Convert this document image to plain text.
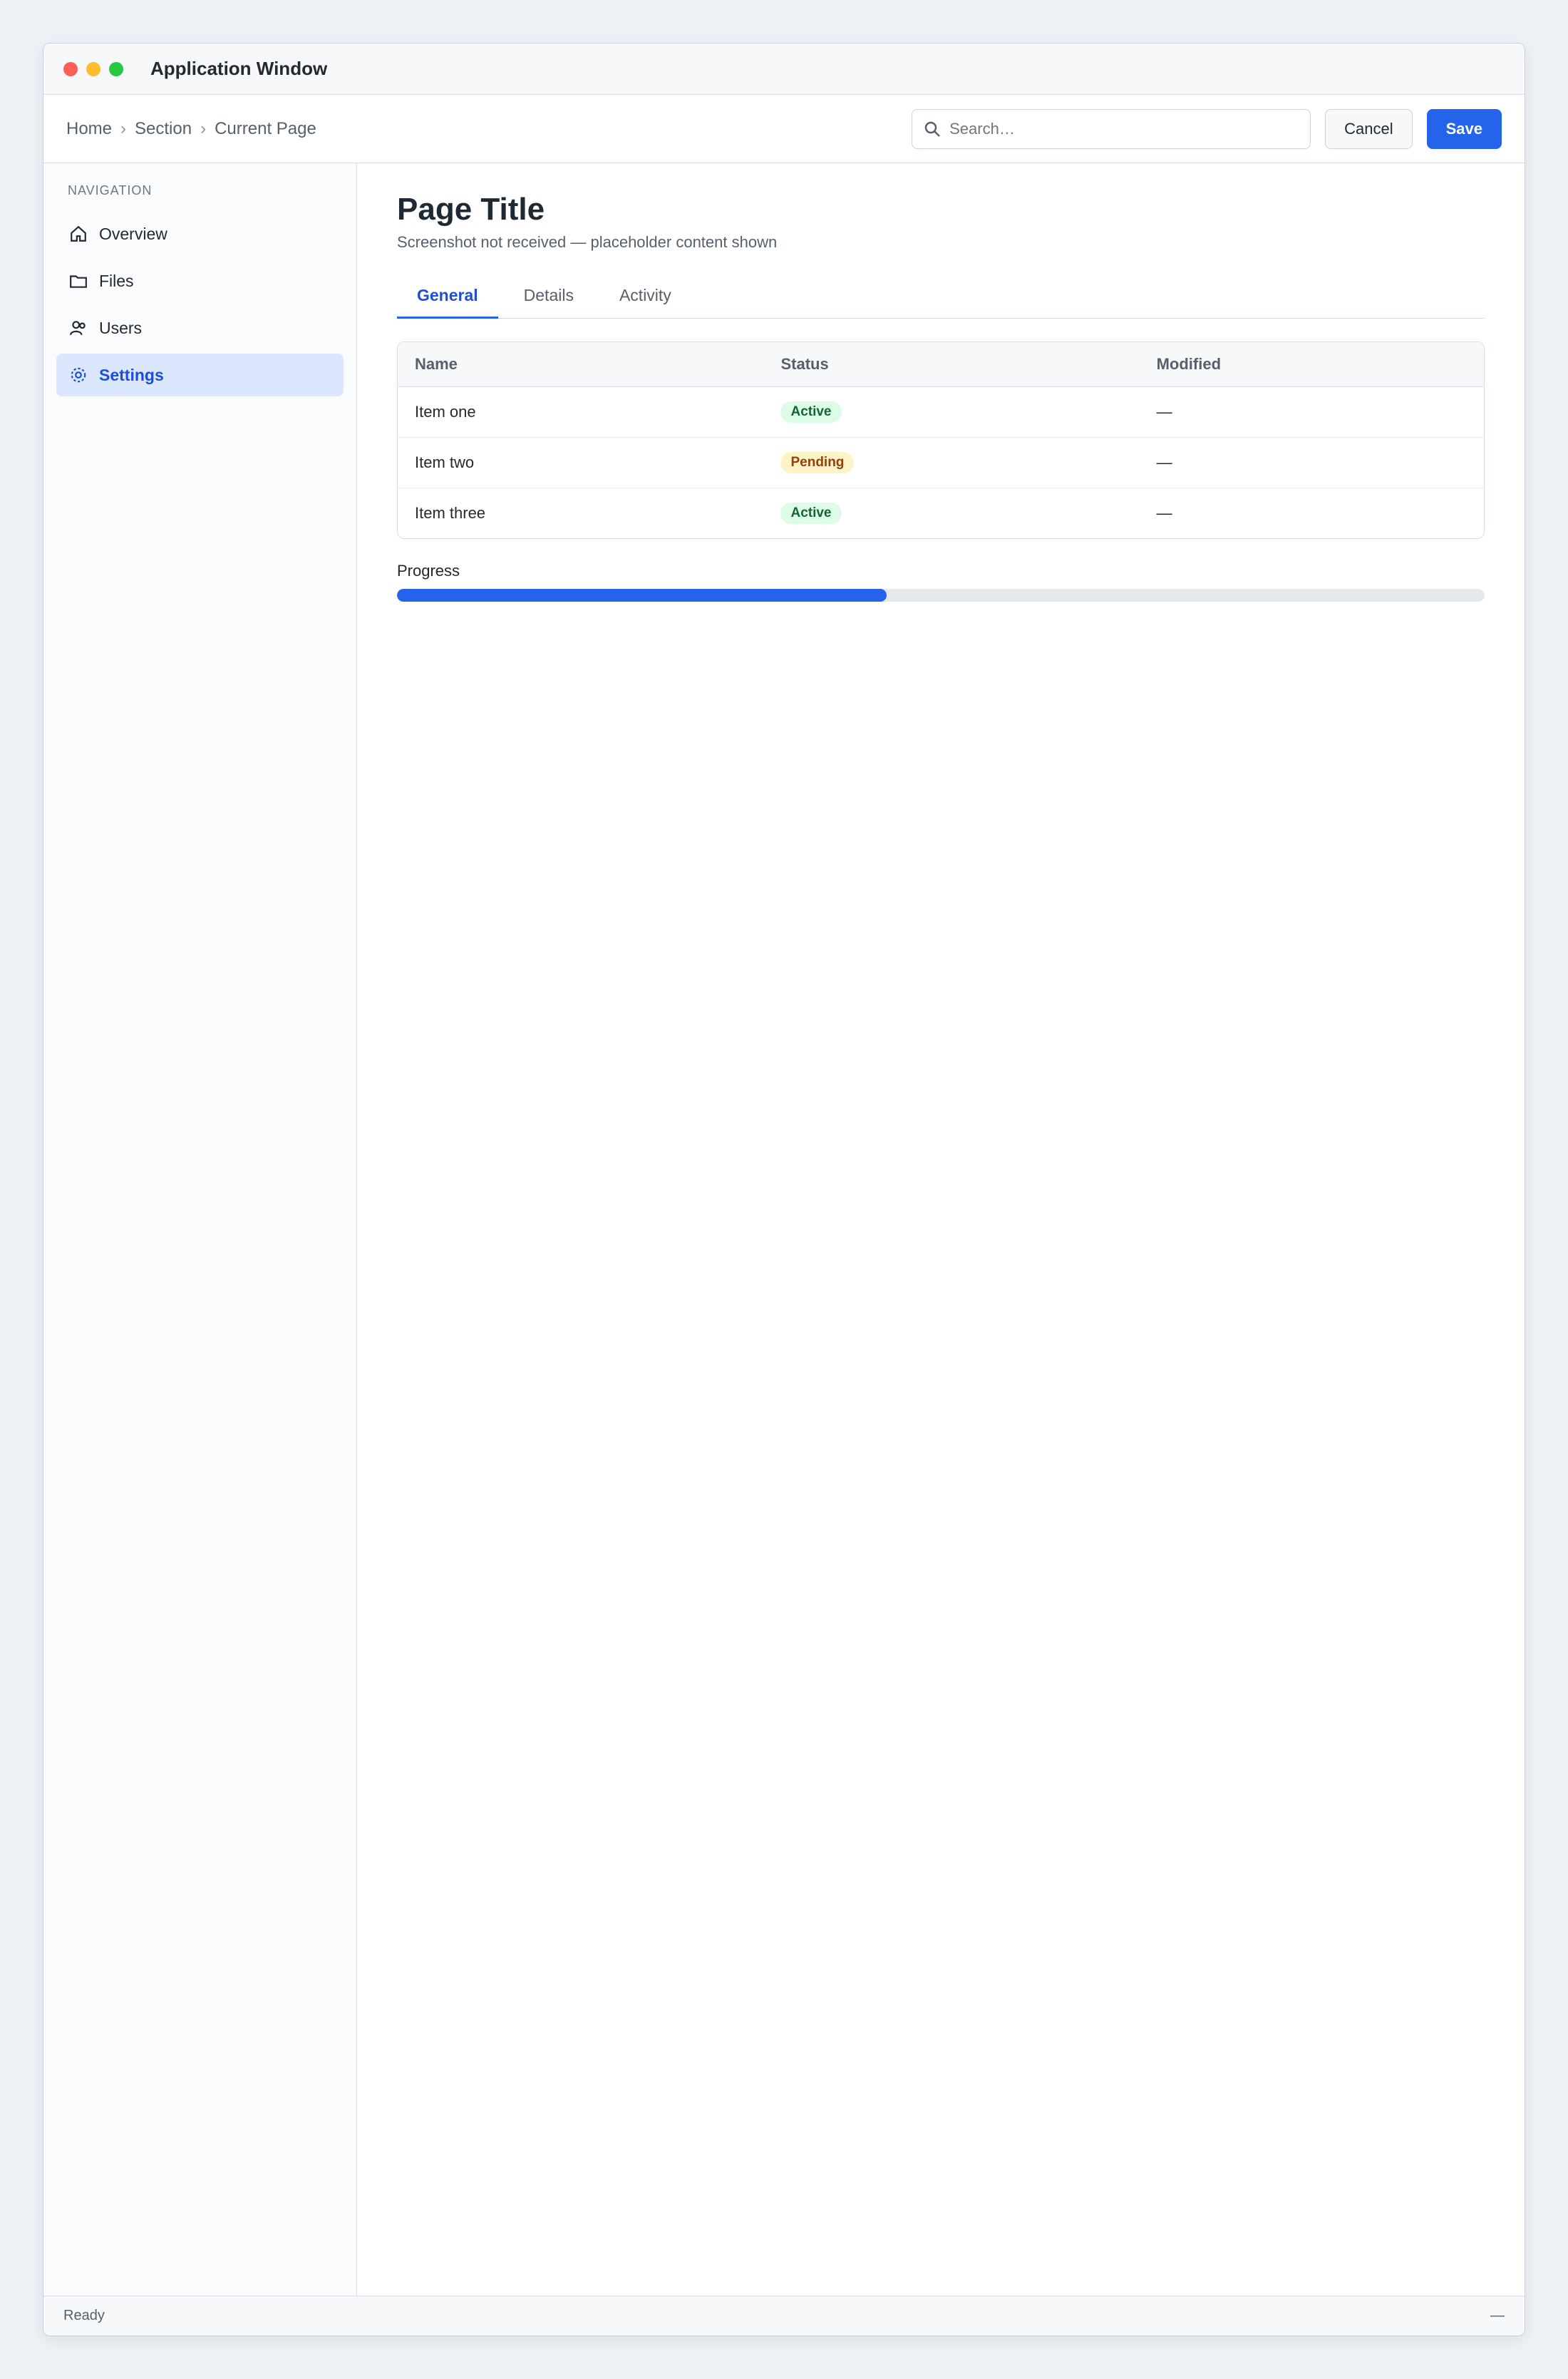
Application Window
Home › Section › Current Page
Search…	Cancel	Save
NAVIGATION
Overview
Files
Users
Settings
Page Title

Screenshot not received — placeholder content shown

General	Details	Activity
Name	Status	Modified
Item one	Active	—
Item two	Pending	—
Item three	Active	—
Progress
Ready	—
